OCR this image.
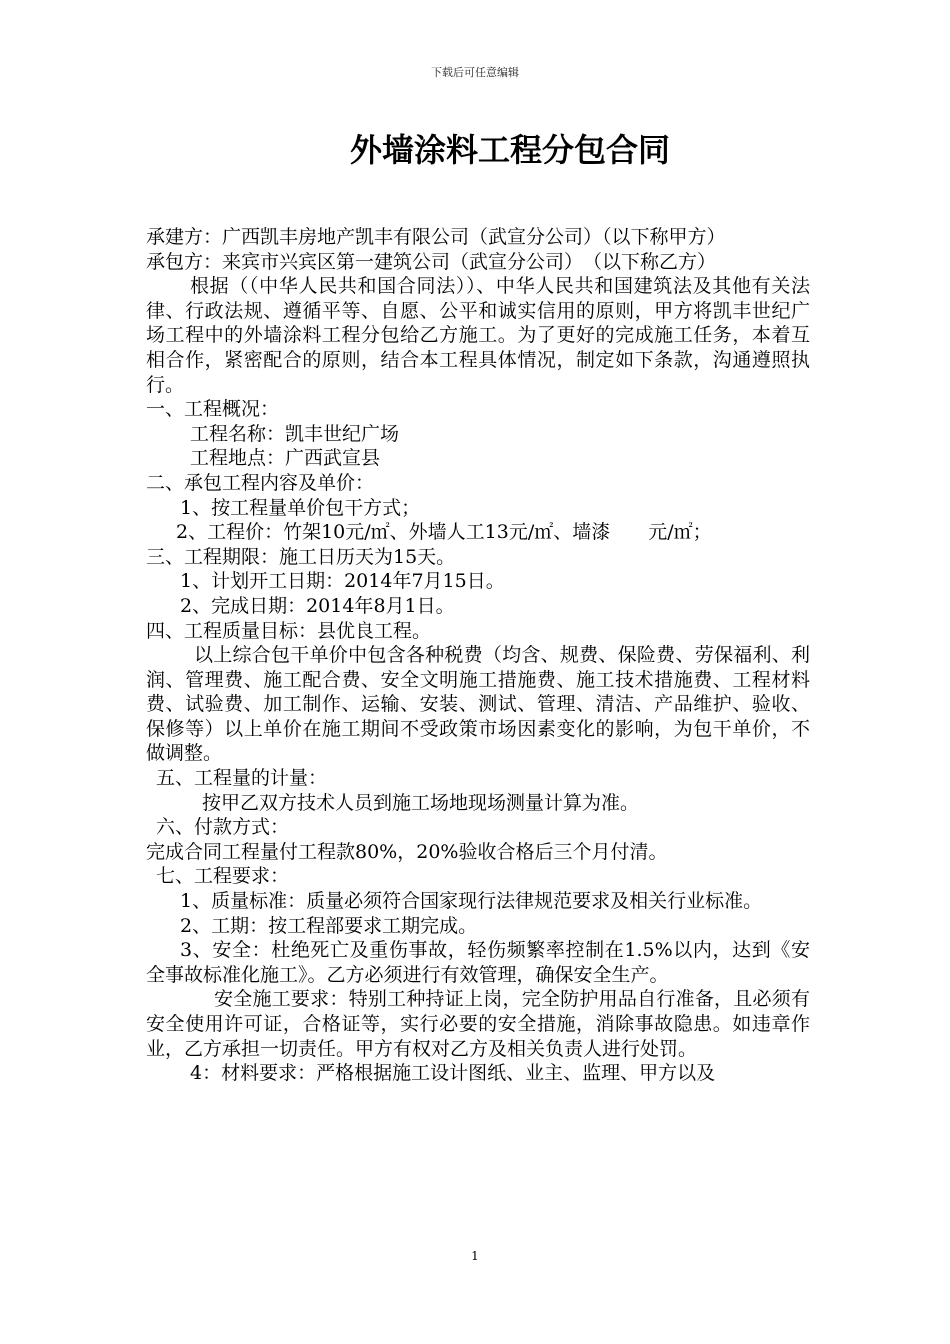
下载后可任意编辑
外墙涂料工程分包合同

承建方：广西凯丰房地产凯丰有限公司（武宣分公司）（以下称甲方）

承包方：来宾市兴宾区第一建筑公司（武宣分公司）　（以下称乙方）

根据（（中华人民共和国合同法））、中华人民共和国建筑法及其他有关法律、行政法规、遵循平等、自愿、公平和诚实信用的原则，甲方将凯丰世纪广场工程中的外墙涂料工程分包给乙方施工。为了更好的完成施工任务，本着互相合作，紧密配合的原则，结合本工程具体情况，制定如下条款，沟通遵照执行。

一、工程概况：

工程名称：凯丰世纪广场

工程地点：广西武宣县

二、承包工程内容及单价：

1、按工程量单价包干方式；

2、工程价：竹架10元/㎡、外墙人工13元/㎡、墙漆　　元/㎡；

三、工程期限：施工日历天为15天。

1、计划开工日期：2014年7月15日。

2、完成日期：2014年8月1日。

四、工程质量目标：县优良工程。

以上综合包干单价中包含各种税费（均含、规费、保险费、劳保福利、利润、管理费、施工配合费、安全文明施工措施费、施工技术措施费、工程材料费、试验费、加工制作、运输、安装、测试、管理、清洁、产品维护、验收、保修等）以上单价在施工期间不受政策市场因素变化的影响，为包干单价，不做调整。

五、工程量的计量：

按甲乙双方技术人员到施工场地现场测量计算为准。

六、付款方式：

完成合同工程量付工程款80%，20%验收合格后三个月付清。

七、工程要求：

1、质量标准：质量必须符合国家现行法律规范要求及相关行业标准。

2、工期：按工程部要求工期完成。

3、安全：杜绝死亡及重伤事故，轻伤频繁率控制在1.5%以内，达到《安全事故标准化施工》。乙方必须进行有效管理，确保安全生产。

安全施工要求：特别工种持证上岗，完全防护用品自行准备，且必须有安全使用许可证，合格证等，实行必要的安全措施，消除事故隐患。如违章作业，乙方承担一切责任。甲方有权对乙方及相关负责人进行处罚。

4：材料要求：严格根据施工设计图纸、业主、监理、甲方以及

1
